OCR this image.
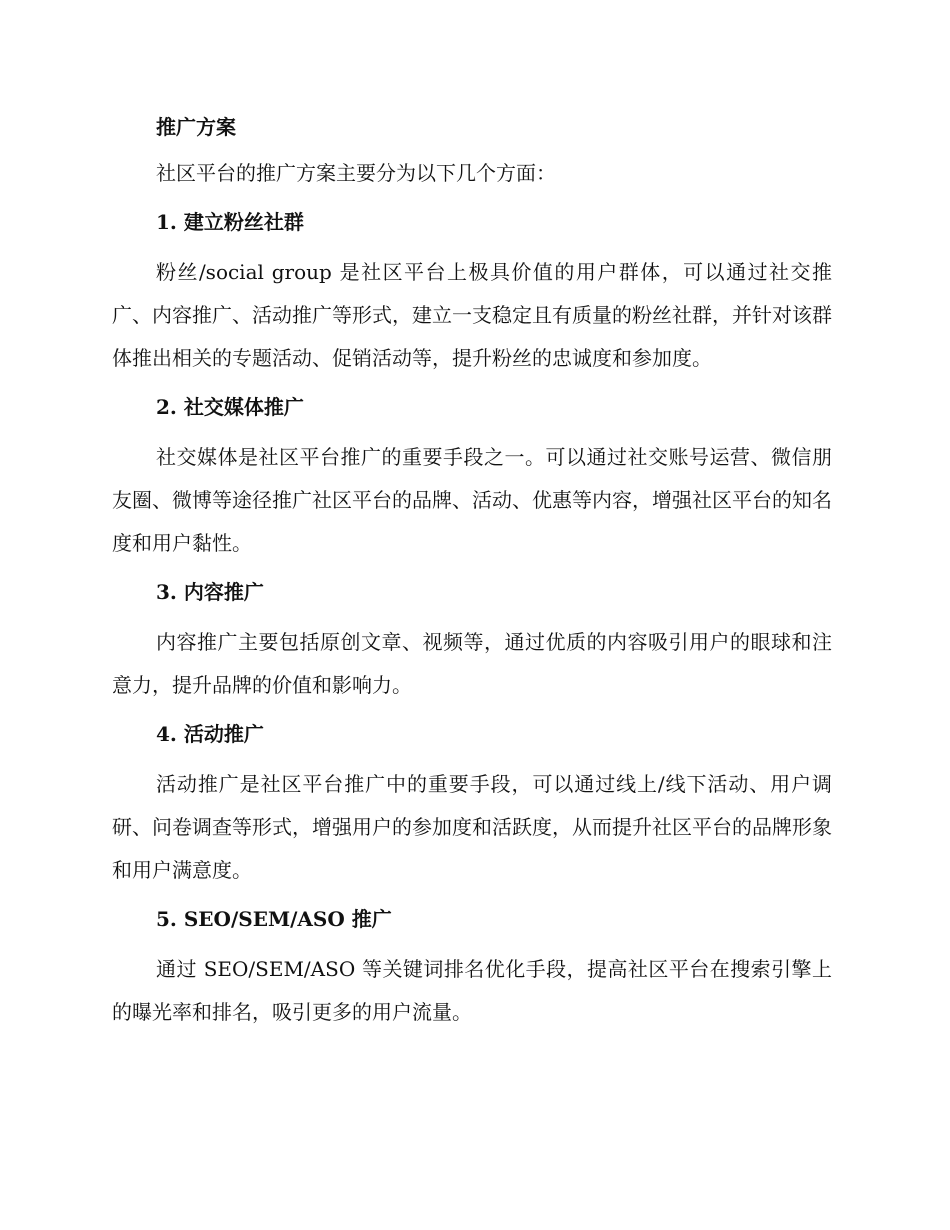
推广方案

社区平台的推广方案主要分为以下几个方面：

1. 建立粉丝社群

粉丝/social group 是社区平台上极具价值的用户群体，可以通过社交推广、内容推广、活动推广等形式，建立一支稳定且有质量的粉丝社群，并针对该群体推出相关的专题活动、促销活动等，提升粉丝的忠诚度和参加度。

2. 社交媒体推广

社交媒体是社区平台推广的重要手段之一。可以通过社交账号运营、微信朋友圈、微博等途径推广社区平台的品牌、活动、优惠等内容，增强社区平台的知名度和用户黏性。

3. 内容推广

内容推广主要包括原创文章、视频等，通过优质的内容吸引用户的眼球和注意力，提升品牌的价值和影响力。

4. 活动推广

活动推广是社区平台推广中的重要手段，可以通过线上/线下活动、用户调研、问卷调查等形式，增强用户的参加度和活跃度，从而提升社区平台的品牌形象和用户满意度。

5. SEO/SEM/ASO 推广

通过 SEO/SEM/ASO 等关键词排名优化手段，提高社区平台在搜索引擎上的曝光率和排名，吸引更多的用户流量。
